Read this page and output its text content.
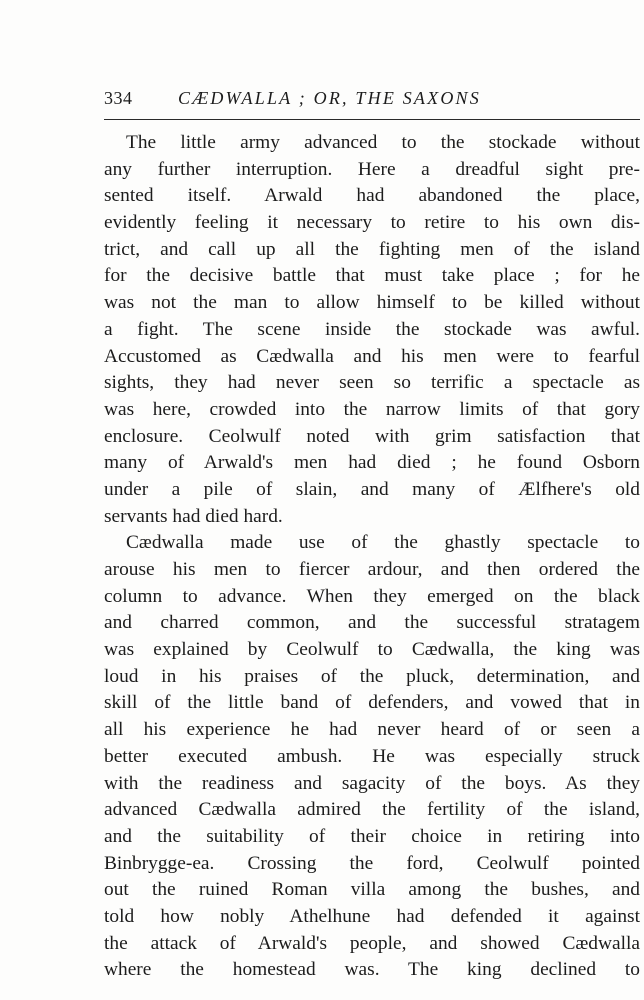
334	CÆDWALLA ; OR, THE SAXONS

The little army advanced to the stockade without
any further interruption. Here a dreadful sight pre-
sented itself. Arwald had abandoned the place,
evidently feeling it necessary to retire to his own dis-
trict, and call up all the fighting men of the island
for the decisive battle that must take place ; for he
was not the man to allow himself to be killed without
a fight. The scene inside the stockade was awful.
Accustomed as Cædwalla and his men were to fearful
sights, they had never seen so terrific a spectacle as
was here, crowded into the narrow limits of that gory
enclosure. Ceolwulf noted with grim satisfaction that
many of Arwald's men had died ; he found Osborn
under a pile of slain, and many of Ælfhere's old
servants had died hard.

Cædwalla made use of the ghastly spectacle to
arouse his men to fiercer ardour, and then ordered the
column to advance. When they emerged on the black
and charred common, and the successful stratagem
was explained by Ceolwulf to Cædwalla, the king was
loud in his praises of the pluck, determination, and
skill of the little band of defenders, and vowed that in
all his experience he had never heard of or seen a
better executed ambush. He was especially struck
with the readiness and sagacity of the boys. As they
advanced Cædwalla admired the fertility of the island,
and the suitability of their choice in retiring into
Binbrygge-ea. Crossing the ford, Ceolwulf pointed
out the ruined Roman villa among the bushes, and
told how nobly Athelhune had defended it against
the attack of Arwald's people, and showed Cædwalla
where the homestead was. The king declined to
